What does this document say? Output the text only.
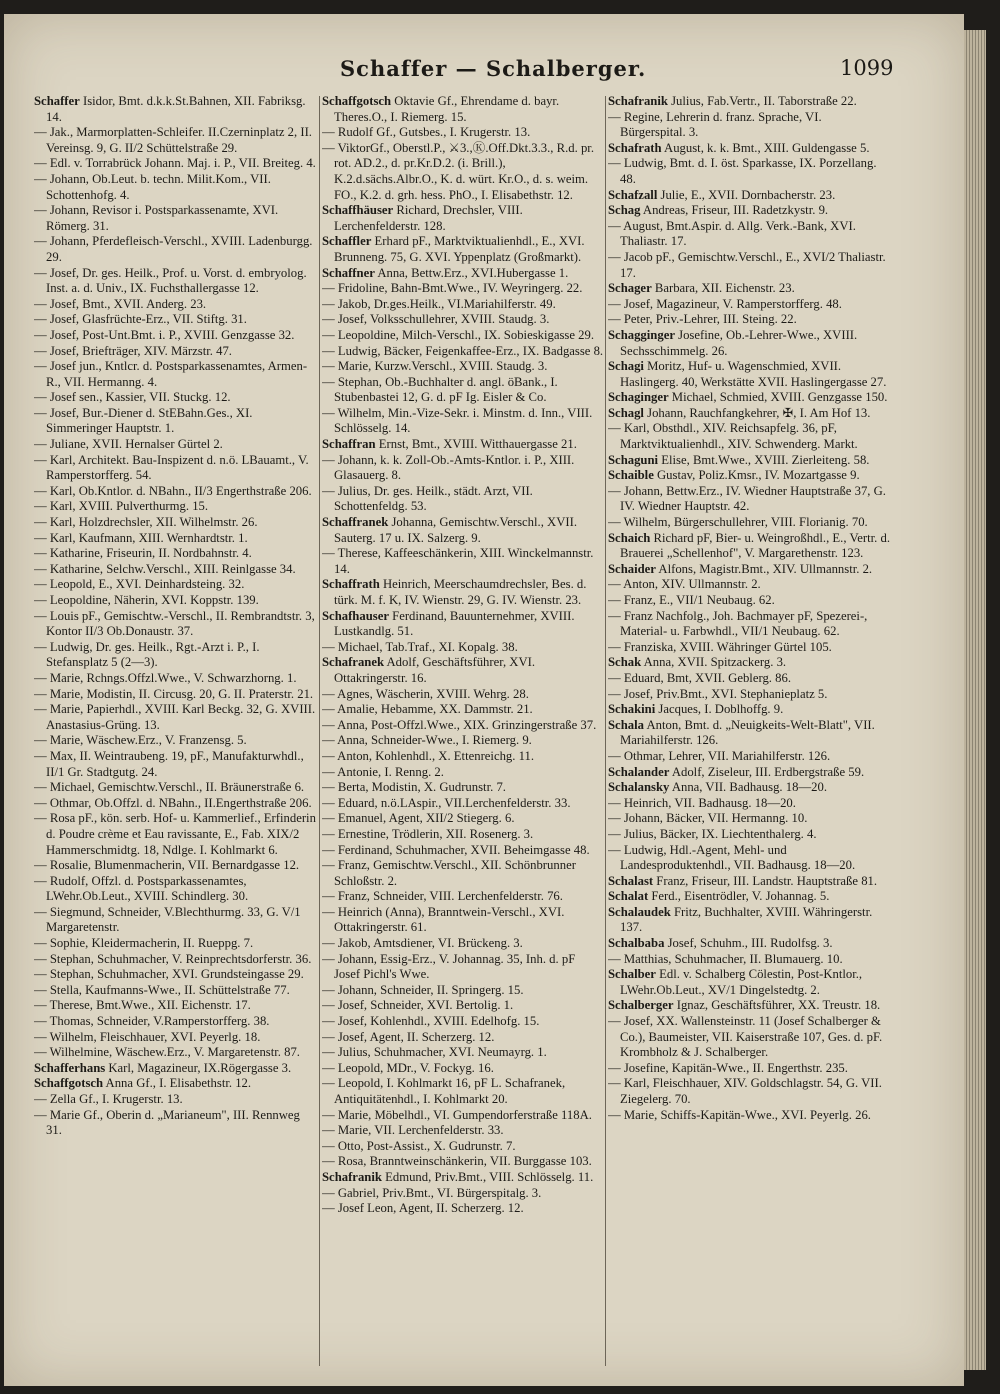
Schaffer — Schalberger.	1099

Schaffer Isidor, Bmt. d.k.k.St.Bahnen, XII. Fabriksg. 14.

— Jak., Marmorplatten-Schleifer. II.Czerninplatz 2, II. Vereinsg. 9, G. II/2 Schüttelstraße 29.

— Edl. v. Torrabrück Johann. Maj. i. P., VII. Breiteg. 4.

— Johann, Ob.Leut. b. techn. Milit.Kom., VII. Schottenhofg. 4.

— Johann, Revisor i. Postsparkassenamte, XVI. Römerg. 31.

— Johann, Pferdefleisch-Verschl., XVIII. Ladenburgg. 29.

— Josef, Dr. ges. Heilk., Prof. u. Vorst. d. embryolog. Inst. a. d. Univ., IX. Fuchsthallergasse 12.

— Josef, Bmt., XVII. Anderg. 23.

— Josef, Glasfrüchte-Erz., VII. Stiftg. 31.

— Josef, Post-Unt.Bmt. i. P., XVIII. Genzgasse 32.

— Josef, Briefträger, XIV. Märzstr. 47.

— Josef jun., Kntlcr. d. Postsparkassenamtes, Armen-R., VII. Hermanng. 4.

— Josef sen., Kassier, VII. Stuckg. 12.

— Josef, Bur.-Diener d. StEBahn.Ges., XI. Simmeringer Hauptstr. 1.

— Juliane, XVII. Hernalser Gürtel 2.

— Karl, Architekt. Bau-Inspizent d. n.ö. LBauamt., V. Ramperstorfferg. 54.

— Karl, Ob.Kntlor. d. NBahn., II/3 Engerthstraße 206.

— Karl, XVIII. Pulverthurmg. 15.

— Karl, Holzdrechsler, XII. Wilhelmstr. 26.

— Karl, Kaufmann, XIII. Wernhardtstr. 1.

— Katharine, Friseurin, II. Nordbahnstr. 4.

— Katharine, Selchw.Verschl., XIII. Reinlgasse 34.

— Leopold, E., XVI. Deinhardsteing. 32.

— Leopoldine, Näherin, XVI. Koppstr. 139.

— Louis pF., Gemischtw.-Verschl., II. Rembrandtstr. 3, Kontor II/3 Ob.Donaustr. 37.

— Ludwig, Dr. ges. Heilk., Rgt.-Arzt i. P., I. Stefansplatz 5 (2—3).

— Marie, Rchngs.Offzl.Wwe., V. Schwarzhorng. 1.

— Marie, Modistin, II. Circusg. 20, G. II. Praterstr. 21.

— Marie, Papierhdl., XVIII. Karl Beckg. 32, G. XVIII. Anastasius-Grüng. 13.

— Marie, Wäschew.Erz., V. Franzensg. 5.

— Max, II. Weintraubeng. 19, pF., Manufakturwhdl., II/1 Gr. Stadtgutg. 24.

— Michael, Gemischtw.Verschl., II. Bräunerstraße 6.

— Othmar, Ob.Offzl. d. NBahn., II.Engerthstraße 206.

— Rosa pF., kön. serb. Hof- u. Kammerlief., Erfinderin d. Poudre crème et Eau ravissante, E., Fab. XIX/2 Hammerschmidtg. 18, Ndlge. I. Kohlmarkt 6.

— Rosalie, Blumenmacherin, VII. Bernardgasse 12.

— Rudolf, Offzl. d. Postsparkassenamtes, LWehr.Ob.Leut., XVIII. Schindlerg. 30.

— Siegmund, Schneider, V.Blechthurmg. 33, G. V/1 Margaretenstr.

— Sophie, Kleidermacherin, II. Rueppg. 7.

— Stephan, Schuhmacher, V. Reinprechtsdorferstr. 36.

— Stephan, Schuhmacher, XVI. Grundsteingasse 29.

— Stella, Kaufmanns-Wwe., II. Schüttelstraße 77.

— Therese, Bmt.Wwe., XII. Eichenstr. 17.

— Thomas, Schneider, V.Ramperstorfferg. 38.

— Wilhelm, Fleischhauer, XVI. Peyerlg. 18.

— Wilhelmine, Wäschew.Erz., V. Margaretenstr. 87.

Schafferhans Karl, Magazineur, IX.Rögergasse 3.

Schaffgotsch Anna Gf., I. Elisabethstr. 12.

— Zella Gf., I. Krugerstr. 13.

— Marie Gf., Oberin d. „Marianeum", III. Rennweg 31.

Schaffgotsch Oktavie Gf., Ehrendame d. bayr. Theres.O., I. Riemerg. 15.

— Rudolf Gf., Gutsbes., I. Krugerstr. 13.

— ViktorGf., Oberstl.P., ⚔3.,Ⓚ.Off.Dkt.3.3., R.d. pr. rot. AD.2., d. pr.Kr.D.2. (i. Brill.), K.2.d.sächs.Albr.O., K. d. würt. Kr.O., d. s. weim. FO., K.2. d. grh. hess. PhO., I. Elisabethstr. 12.

Schaffhäuser Richard, Drechsler, VIII. Lerchenfelderstr. 128.

Schaffler Erhard pF., Marktviktualienhdl., E., XVI. Brunneng. 75, G. XVI. Yppenplatz (Großmarkt).

Schaffner Anna, Bettw.Erz., XVI.Hubergasse 1.

— Fridoline, Bahn-Bmt.Wwe., IV. Weyringerg. 22.

— Jakob, Dr.ges.Heilk., VI.Mariahilferstr. 49.

— Josef, Volksschullehrer, XVIII. Staudg. 3.

— Leopoldine, Milch-Verschl., IX. Sobieskigasse 29.

— Ludwig, Bäcker, Feigenkaffee-Erz., IX. Badgasse 8.

— Marie, Kurzw.Verschl., XVIII. Staudg. 3.

— Stephan, Ob.-Buchhalter d. angl. öBank., I. Stubenbastei 12, G. d. pF Ig. Eisler & Co.

— Wilhelm, Min.-Vize-Sekr. i. Minstm. d. Inn., VIII. Schlösselg. 14.

Schaffran Ernst, Bmt., XVIII. Witthauergasse 21.

— Johann, k. k. Zoll-Ob.-Amts-Kntlor. i. P., XIII. Glasauerg. 8.

— Julius, Dr. ges. Heilk., städt. Arzt, VII. Schottenfeldg. 53.

Schaffranek Johanna, Gemischtw.Verschl., XVII. Sauterg. 17 u. IX. Salzerg. 9.

— Therese, Kaffeeschänkerin, XIII. Winckelmannstr. 14.

Schaffrath Heinrich, Meerschaumdrechsler, Bes. d. türk. M. f. K, IV. Wienstr. 29, G. IV. Wienstr. 23.

Schafhauser Ferdinand, Bauunternehmer, XVIII. Lustkandlg. 51.

— Michael, Tab.Traf., XI. Kopalg. 38.

Schafranek Adolf, Geschäftsführer, XVI. Ottakringerstr. 16.

— Agnes, Wäscherin, XVIII. Wehrg. 28.

— Amalie, Hebamme, XX. Dammstr. 21.

— Anna, Post-Offzl.Wwe., XIX. Grinzingerstraße 37.

— Anna, Schneider-Wwe., I. Riemerg. 9.

— Anton, Kohlenhdl., X. Ettenreichg. 11.

— Antonie, I. Renng. 2.

— Berta, Modistin, X. Gudrunstr. 7.

— Eduard, n.ö.LAspir., VII.Lerchenfelderstr. 33.

— Emanuel, Agent, XII/2 Stiegerg. 6.

— Ernestine, Trödlerin, XII. Rosenerg. 3.

— Ferdinand, Schuhmacher, XVII. Beheimgasse 48.

— Franz, Gemischtw.Verschl., XII. Schönbrunner Schloßstr. 2.

— Franz, Schneider, VIII. Lerchenfelderstr. 76.

— Heinrich (Anna), Branntwein-Verschl., XVI. Ottakringerstr. 61.

— Jakob, Amtsdiener, VI. Brückeng. 3.

— Johann, Essig-Erz., V. Johannag. 35, Inh. d. pF Josef Pichl's Wwe.

— Johann, Schneider, II. Springerg. 15.

— Josef, Schneider, XVI. Bertolig. 1.

— Josef, Kohlenhdl., XVIII. Edelhofg. 15.

— Josef, Agent, II. Scherzerg. 12.

— Julius, Schuhmacher, XVI. Neumayrg. 1.

— Leopold, MDr., V. Fockyg. 16.

— Leopold, I. Kohlmarkt 16, pF L. Schafranek, Antiquitätenhdl., I. Kohlmarkt 20.

— Marie, Möbelhdl., VI. Gumpendorferstraße 118A.

— Marie, VII. Lerchenfelderstr. 33.

— Otto, Post-Assist., X. Gudrunstr. 7.

— Rosa, Branntweinschänkerin, VII. Burggasse 103.

Schafranik Edmund, Priv.Bmt., VIII. Schlösselg. 11.

— Gabriel, Priv.Bmt., VI. Bürgerspitalg. 3.

— Josef Leon, Agent, II. Scherzerg. 12.

Schafranik Julius, Fab.Vertr., II. Taborstraße 22.

— Regine, Lehrerin d. franz. Sprache, VI. Bürgerspital. 3.

Schafrath August, k. k. Bmt., XIII. Guldengasse 5.

— Ludwig, Bmt. d. I. öst. Sparkasse, IX. Porzellang. 48.

Schafzall Julie, E., XVII. Dornbacherstr. 23.

Schag Andreas, Friseur, III. Radetzkystr. 9.

— August, Bmt.Aspir. d. Allg. Verk.-Bank, XVI. Thaliastr. 17.

— Jacob pF., Gemischtw.Verschl., E., XVI/2 Thaliastr. 17.

Schager Barbara, XII. Eichenstr. 23.

— Josef, Magazineur, V. Ramperstorfferg. 48.

— Peter, Priv.-Lehrer, III. Steing. 22.

Schagginger Josefine, Ob.-Lehrer-Wwe., XVIII. Sechsschimmelg. 26.

Schagi Moritz, Huf- u. Wagenschmied, XVII. Haslingerg. 40, Werkstätte XVII. Haslingergasse 27.

Schaginger Michael, Schmied, XVIII. Genzgasse 150.

Schagl Johann, Rauchfangkehrer, ✠, I. Am Hof 13.

— Karl, Obsthdl., XIV. Reichsapfelg. 36, pF, Marktviktualienhdl., XIV. Schwenderg. Markt.

Schaguni Elise, Bmt.Wwe., XVIII. Zierleiteng. 58.

Schaible Gustav, Poliz.Kmsr., IV. Mozartgasse 9.

— Johann, Bettw.Erz., IV. Wiedner Hauptstraße 37, G. IV. Wiedner Hauptstr. 42.

— Wilhelm, Bürgerschullehrer, VIII. Florianig. 70.

Schaich Richard pF, Bier- u. Weingroßhdl., E., Vertr. d. Brauerei „Schellenhof", V. Margarethenstr. 123.

Schaider Alfons, Magistr.Bmt., XIV. Ullmannstr. 2.

— Anton, XIV. Ullmannstr. 2.

— Franz, E., VII/1 Neubaug. 62.

— Franz Nachfolg., Joh. Bachmayer pF, Spezerei-, Material- u. Farbwhdl., VII/1 Neubaug. 62.

— Franziska, XVIII. Währinger Gürtel 105.

Schak Anna, XVII. Spitzackerg. 3.

— Eduard, Bmt, XVII. Geblerg. 86.

— Josef, Priv.Bmt., XVI. Stephanieplatz 5.

Schakini Jacques, I. Doblhoffg. 9.

Schala Anton, Bmt. d. „Neuigkeits-Welt-Blatt", VII. Mariahilferstr. 126.

— Othmar, Lehrer, VII. Mariahilferstr. 126.

Schalander Adolf, Ziseleur, III. Erdbergstraße 59.

Schalansky Anna, VII. Badhausg. 18—20.

— Heinrich, VII. Badhausg. 18—20.

— Johann, Bäcker, VII. Hermanng. 10.

— Julius, Bäcker, IX. Liechtenthalerg. 4.

— Ludwig, Hdl.-Agent, Mehl- und Landesproduktenhdl., VII. Badhausg. 18—20.

Schalast Franz, Friseur, III. Landstr. Hauptstraße 81.

Schalat Ferd., Eisentrödler, V. Johannag. 5.

Schalaudek Fritz, Buchhalter, XVIII. Währingerstr. 137.

Schalbaba Josef, Schuhm., III. Rudolfsg. 3.

— Matthias, Schuhmacher, II. Blumauerg. 10.

Schalber Edl. v. Schalberg Cölestin, Post-Kntlor., LWehr.Ob.Leut., XV/1 Dingelstedtg. 2.

Schalberger Ignaz, Geschäftsführer, XX. Treustr. 18.

— Josef, XX. Wallensteinstr. 11 (Josef Schalberger & Co.), Baumeister, VII. Kaiserstraße 107, Ges. d. pF. Krombholz & J. Schalberger.

— Josefine, Kapitän-Wwe., II. Engerthstr. 235.

— Karl, Fleischhauer, XIV. Goldschlagstr. 54, G. VII. Ziegelerg. 70.

— Marie, Schiffs-Kapitän-Wwe., XVI. Peyerlg. 26.
